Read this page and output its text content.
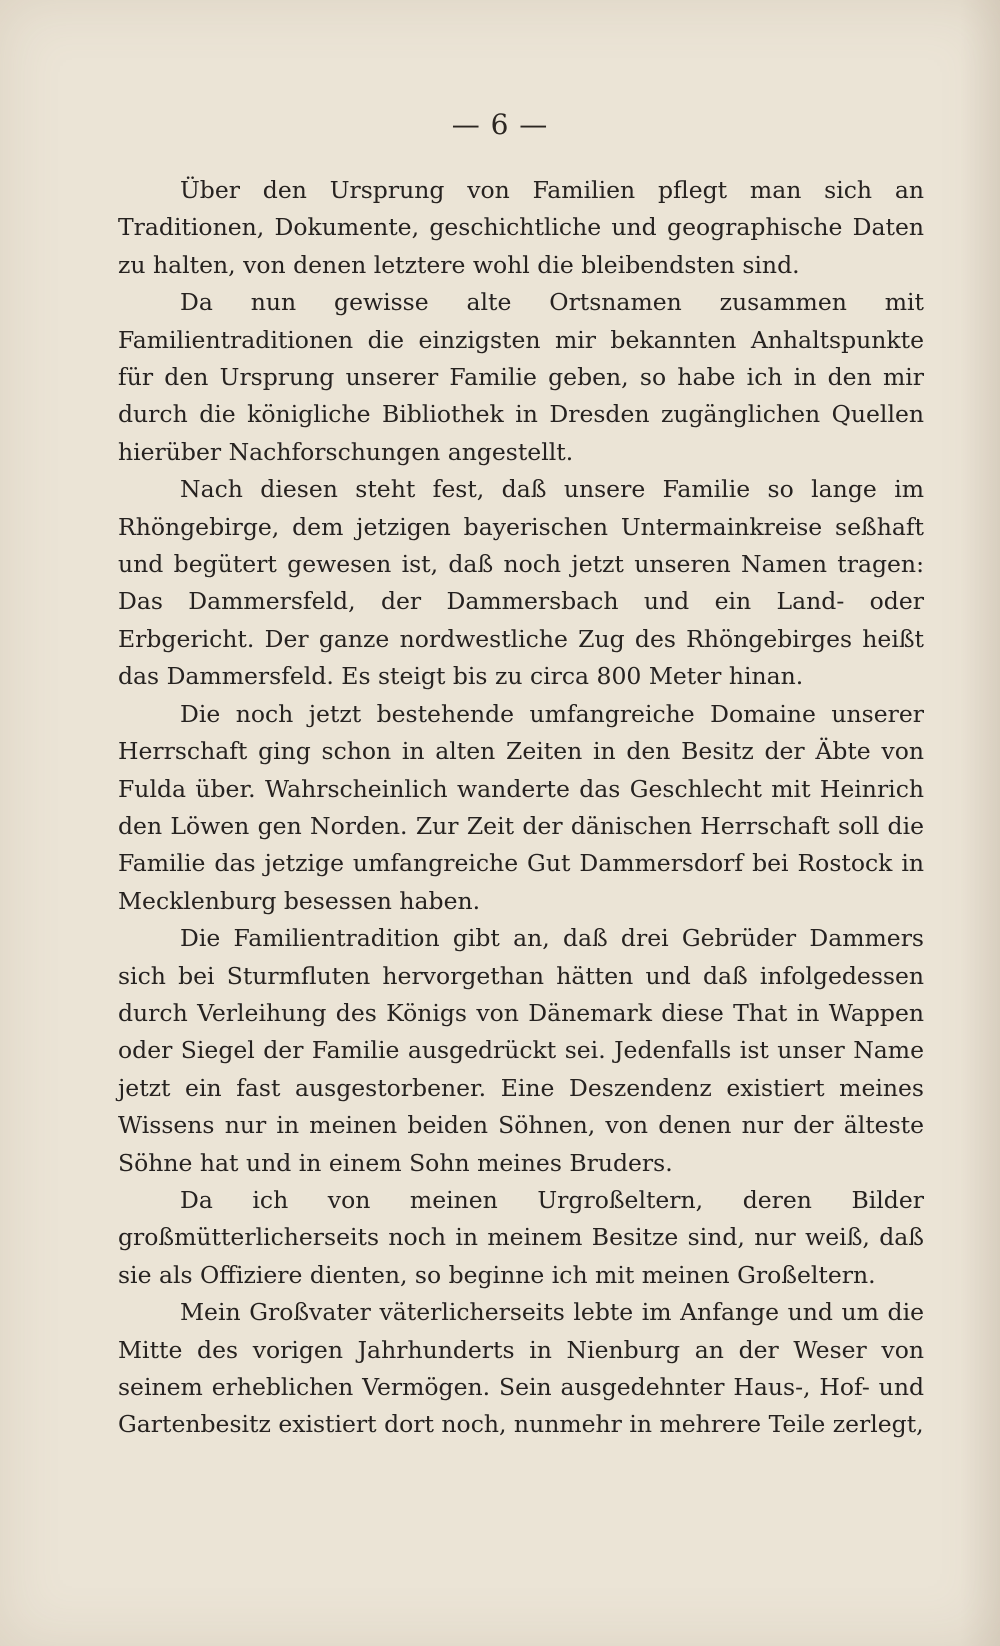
— 6 —

Über den Ursprung von Familien pflegt man sich an Traditionen, Dokumente, geschichtliche und geographische Daten zu halten, von denen letztere wohl die bleibendsten sind.

Da nun gewisse alte Ortsnamen zusammen mit Familientraditionen die einzigsten mir bekannten Anhaltspunkte für den Ursprung unserer Familie geben, so habe ich in den mir durch die königliche Bibliothek in Dresden zugänglichen Quellen hierüber Nachforschungen angestellt.

Nach diesen steht fest, daß unsere Familie so lange im Rhöngebirge, dem jetzigen bayerischen Untermainkreise seßhaft und begütert gewesen ist, daß noch jetzt unseren Namen tragen: Das Dammersfeld, der Dammersbach und ein Land- oder Erbgericht. Der ganze nordwestliche Zug des Rhöngebirges heißt das Dammersfeld. Es steigt bis zu circa 800 Meter hinan.

Die noch jetzt bestehende umfangreiche Domaine unserer Herrschaft ging schon in alten Zeiten in den Besitz der Äbte von Fulda über. Wahrscheinlich wanderte das Geschlecht mit Heinrich den Löwen gen Norden. Zur Zeit der dänischen Herrschaft soll die Familie das jetzige umfangreiche Gut Dammersdorf bei Rostock in Mecklenburg besessen haben.

Die Familientradition gibt an, daß drei Gebrüder Dammers sich bei Sturmfluten hervorgethan hätten und daß infolgedessen durch Verleihung des Königs von Dänemark diese That in Wappen oder Siegel der Familie ausgedrückt sei. Jedenfalls ist unser Name jetzt ein fast ausgestorbener. Eine Deszendenz existiert meines Wissens nur in meinen beiden Söhnen, von denen nur der älteste Söhne hat und in einem Sohn meines Bruders.

Da ich von meinen Urgroßeltern, deren Bilder großmütterlicherseits noch in meinem Besitze sind, nur weiß, daß sie als Offiziere dienten, so beginne ich mit meinen Großeltern.

Mein Großvater väterlicherseits lebte im Anfange und um die Mitte des vorigen Jahrhunderts in Nienburg an der Weser von seinem erheblichen Vermögen. Sein ausgedehnter Haus-, Hof- und Gartenbesitz existiert dort noch, nunmehr in mehrere Teile zerlegt,
